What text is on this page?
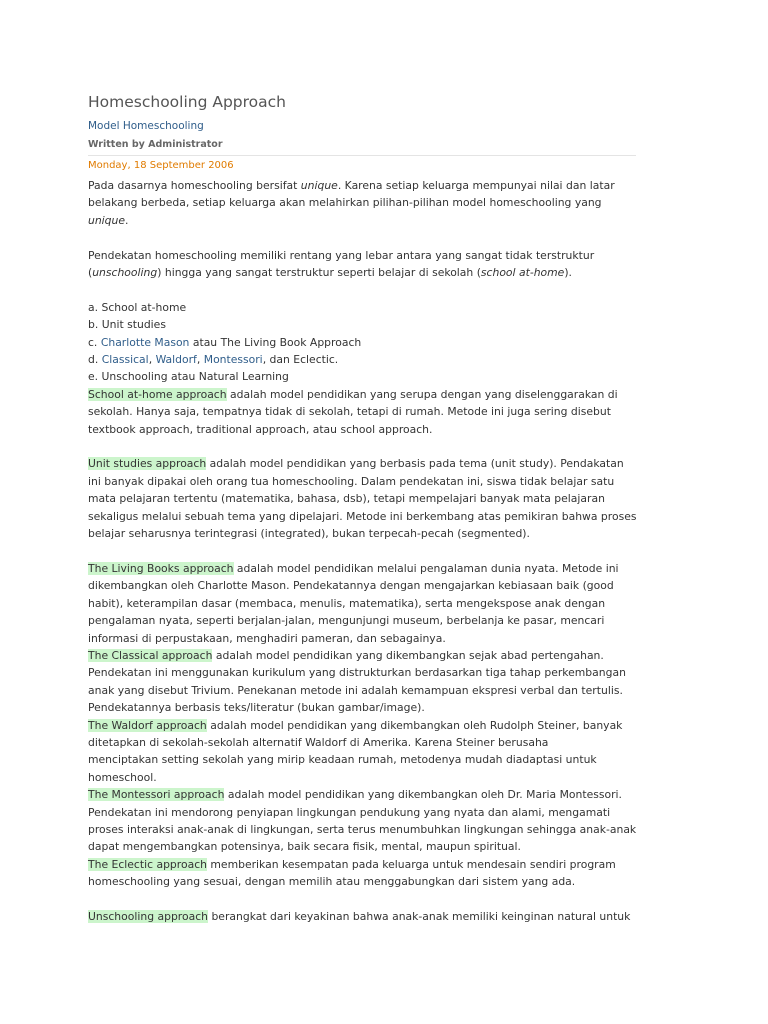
Homeschooling Approach
Model Homeschooling
Written by Administrator
Monday, 18 September 2006

Pada dasarnya homeschooling bersifat unique. Karena setiap keluarga mempunyai nilai dan latar

belakang berbeda, setiap keluarga akan melahirkan pilihan-pilihan model homeschooling yang

unique.

Pendekatan homeschooling memiliki rentang yang lebar antara yang sangat tidak terstruktur

(unschooling) hingga yang sangat terstruktur seperti belajar di sekolah (school at-home).

a. School at-home

b. Unit studies

c. Charlotte Mason atau The Living Book Approach

d. Classical, Waldorf, Montessori, dan Eclectic.

e. Unschooling atau Natural Learning

School at-home approach adalah model pendidikan yang serupa dengan yang diselenggarakan di

sekolah. Hanya saja, tempatnya tidak di sekolah, tetapi di rumah. Metode ini juga sering disebut

textbook approach, traditional approach, atau school approach.

Unit studies approach adalah model pendidikan yang berbasis pada tema (unit study). Pendakatan

ini banyak dipakai oleh orang tua homeschooling. Dalam pendekatan ini, siswa tidak belajar satu

mata pelajaran tertentu (matematika, bahasa, dsb), tetapi mempelajari banyak mata pelajaran

sekaligus melalui sebuah tema yang dipelajari. Metode ini berkembang atas pemikiran bahwa proses

belajar seharusnya terintegrasi (integrated), bukan terpecah-pecah (segmented).

The Living Books approach adalah model pendidikan melalui pengalaman dunia nyata. Metode ini

dikembangkan oleh Charlotte Mason. Pendekatannya dengan mengajarkan kebiasaan baik (good

habit), keterampilan dasar (membaca, menulis, matematika), serta mengekspose anak dengan

pengalaman nyata, seperti berjalan-jalan, mengunjungi museum, berbelanja ke pasar, mencari

informasi di perpustakaan, menghadiri pameran, dan sebagainya.

The Classical approach adalah model pendidikan yang dikembangkan sejak abad pertengahan.

Pendekatan ini menggunakan kurikulum yang distrukturkan berdasarkan tiga tahap perkembangan

anak yang disebut Trivium. Penekanan metode ini adalah kemampuan ekspresi verbal dan tertulis.

Pendekatannya berbasis teks/literatur (bukan gambar/image).

The Waldorf approach adalah model pendidikan yang dikembangkan oleh Rudolph Steiner, banyak

ditetapkan di sekolah-sekolah alternatif Waldorf di Amerika. Karena Steiner berusaha

menciptakan setting sekolah yang mirip keadaan rumah, metodenya mudah diadaptasi untuk

homeschool.

The Montessori approach adalah model pendidikan yang dikembangkan oleh Dr. Maria Montessori.

Pendekatan ini mendorong penyiapan lingkungan pendukung yang nyata dan alami, mengamati

proses interaksi anak-anak di lingkungan, serta terus menumbuhkan lingkungan sehingga anak-anak

dapat mengembangkan potensinya, baik secara fisik, mental, maupun spiritual.

The Eclectic approach memberikan kesempatan pada keluarga untuk mendesain sendiri program

homeschooling yang sesuai, dengan memilih atau menggabungkan dari sistem yang ada.

Unschooling approach berangkat dari keyakinan bahwa anak-anak memiliki keinginan natural untuk
